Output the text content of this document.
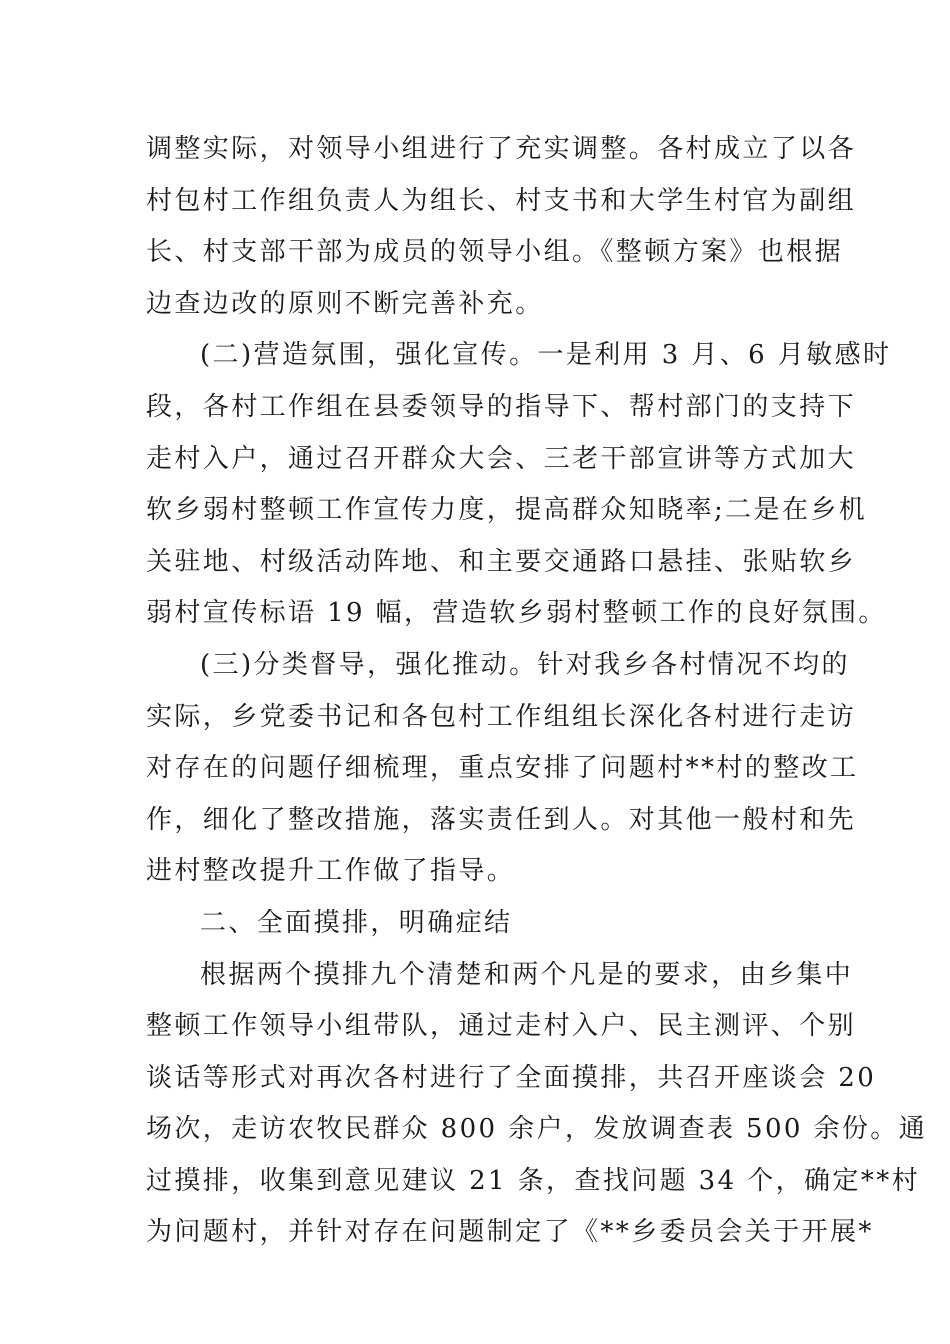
调整实际，对领导小组进行了充实调整。各村成立了以各
村包村工作组负责人为组长、村支书和大学生村官为副组
长、村支部干部为成员的领导小组。《整顿方案》也根据
边查边改的原则不断完善补充。
(二)营造氛围，强化宣传。一是利用 3 月、6 月敏感时
段，各村工作组在县委领导的指导下、帮村部门的支持下
走村入户，通过召开群众大会、三老干部宣讲等方式加大
软乡弱村整顿工作宣传力度，提高群众知晓率;二是在乡机
关驻地、村级活动阵地、和主要交通路口悬挂、张贴软乡
弱村宣传标语 19 幅，营造软乡弱村整顿工作的良好氛围。
(三)分类督导，强化推动。针对我乡各村情况不均的
实际，乡党委书记和各包村工作组组长深化各村进行走访
对存在的问题仔细梳理，重点安排了问题村**村的整改工
作，细化了整改措施，落实责任到人。对其他一般村和先
进村整改提升工作做了指导。
二、全面摸排，明确症结
根据两个摸排九个清楚和两个凡是的要求，由乡集中
整顿工作领导小组带队，通过走村入户、民主测评、个别
谈话等形式对再次各村进行了全面摸排，共召开座谈会 20
场次，走访农牧民群众 800 余户，发放调查表 500 余份。通
过摸排，收集到意见建议 21 条，查找问题 34 个，确定**村
为问题村，并针对存在问题制定了《**乡委员会关于开展*
